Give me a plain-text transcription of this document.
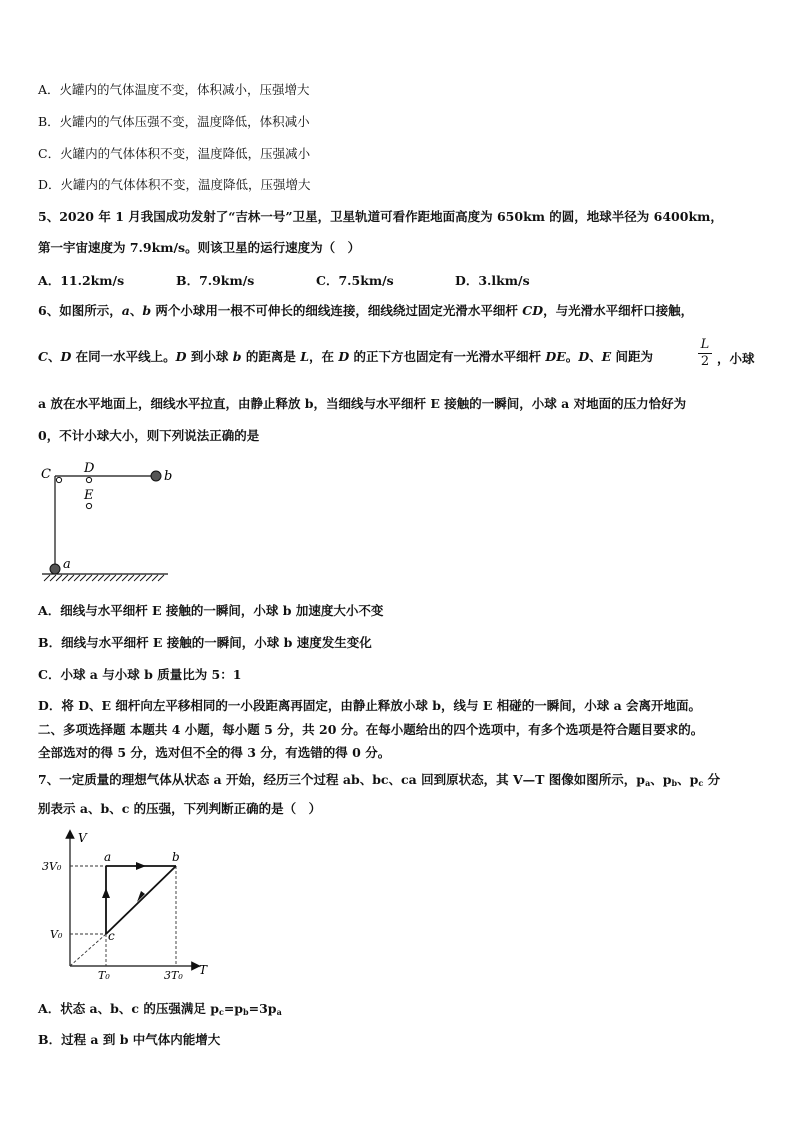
A．火罐内的气体温度不变，体积减小，压强增大
B．火罐内的气体压强不变，温度降低，体积减小
C．火罐内的气体体积不变，温度降低，压强减小
D．火罐内的气体体积不变，温度降低，压强增大
5、2020 年 1 月我国成功发射了“吉林一号”卫星，卫星轨道可看作距地面高度为 650km 的圆，地球半径为 6400km，
第一宇宙速度为 7.9km/s。则该卫星的运行速度为（　）
A．11.2km/s	B．7.9km/s	C．7.5km/s	D．3.lkm/s
6、如图所示，a、b 两个小球用一根不可伸长的细线连接，细线绕过固定光滑水平细杆 CD，与光滑水平细杆口接触，
C、D 在同一水平线上。D 到小球 b 的距离是 L，在 D 的正下方也固定有一光滑水平细杆 DE。D、E 间距为
L
2 ，小球
a 放在水平地面上，细线水平拉直，由静止释放 b，当细线与水平细杆 E 接触的一瞬间，小球 a 对地面的压力恰好为
0，不计小球大小，则下列说法正确的是
C	D
E
b
a
A．细线与水平细杆 E 接触的一瞬间，小球 b 加速度大小不变
B．细线与水平细杆 E 接触的一瞬间，小球 b 速度发生变化
C．小球 a 与小球 b 质量比为 5：1
D．将 D、E 细杆向左平移相同的一小段距离再固定，由静止释放小球 b，线与 E 相碰的一瞬间，小球 a 会离开地面。
二、多项选择题 本题共 4 小题，每小题 5 分，共 20 分。在每小题给出的四个选项中，有多个选项是符合题目要求的。
全部选对的得 5 分，选对但不全的得 3 分，有选错的得 0 分。
7、一定质量的理想气体从状态 a 开始，经历三个过程 ab、bc、ca 回到原状态，其 V—T 图像如图所示，$p_a$、$p_b$、$p_c$ 分
别表示 a、b、c 的压强，下列判断正确的是（　）
V
T
3V₀
V₀
T₀	3T₀
a	b
c
A．状态 a、b、c 的压强满足 $p_c=p_b=3p_a$
B．过程 a 到 b 中气体内能增大
